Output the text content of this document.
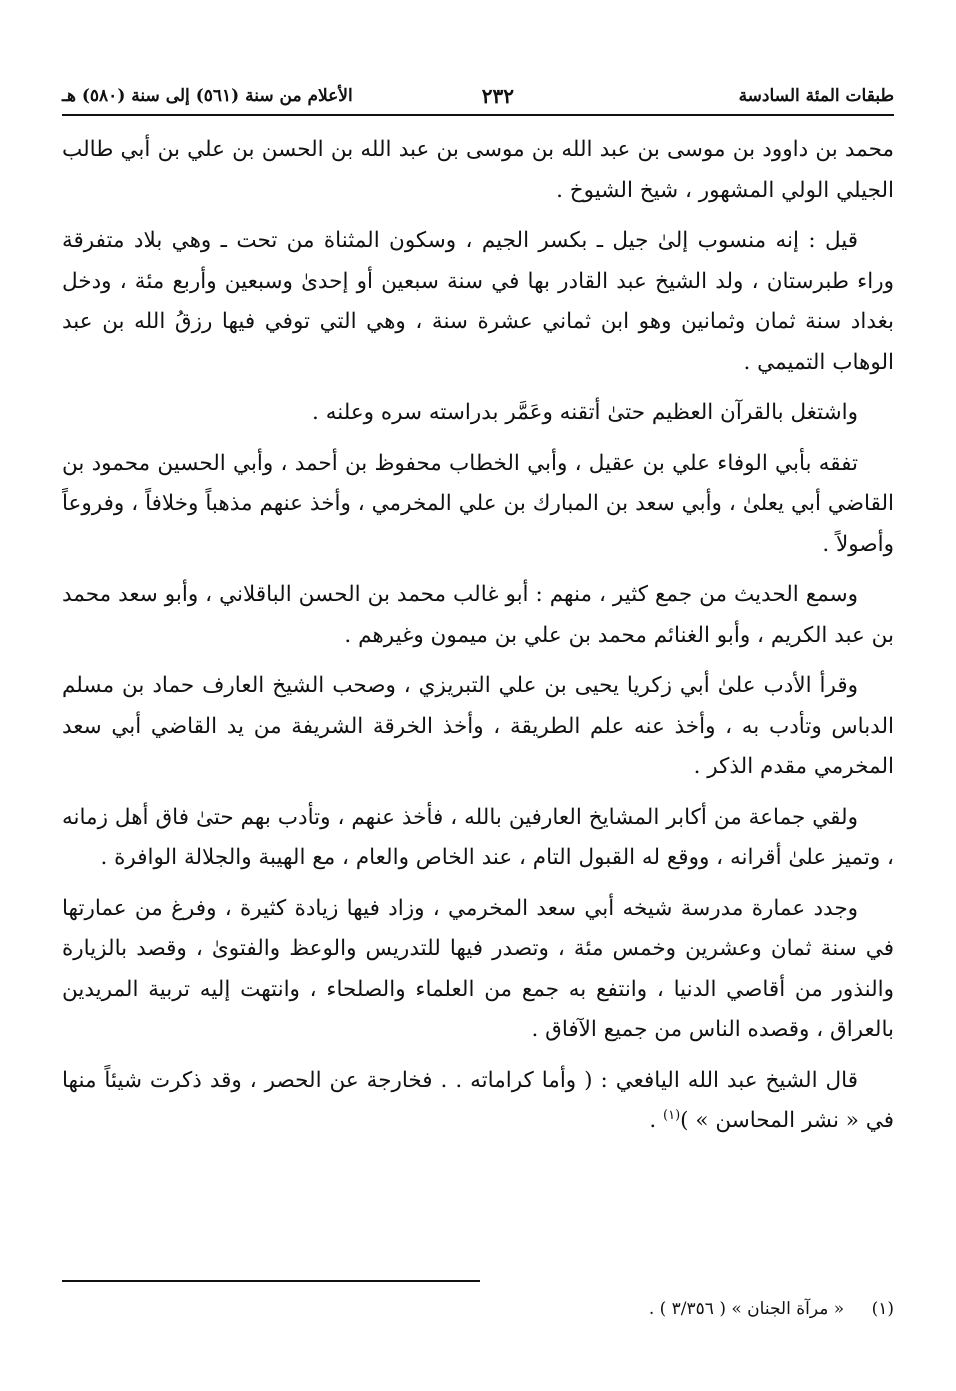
طبقات المئة السادسة
٢٣٢
الأعلام من سنة (٥٦١) إلى سنة (٥٨٠) هـ

محمد بن داوود بن موسى بن عبد الله بن موسى بن عبد الله بن الحسن بن علي بن أبي طالب الجيلي الولي المشهور ، شيخ الشيوخ .

قيل : إنه منسوب إلىٰ جيل ـ بكسر الجيم ، وسكون المثناة من تحت ـ وهي بلاد متفرقة وراء طبرستان ، ولد الشيخ عبد القادر بها في سنة سبعين أو إحدىٰ وسبعين وأربع مئة ، ودخل بغداد سنة ثمان وثمانين وهو ابن ثماني عشرة سنة ، وهي التي توفي فيها رزقُ الله بن عبد الوهاب التميمي .

واشتغل بالقرآن العظيم حتىٰ أتقنه وعَمَّر بدراسته سره وعلنه .

تفقه بأبي الوفاء علي بن عقيل ، وأبي الخطاب محفوظ بن أحمد ، وأبي الحسين محمود بن القاضي أبي يعلىٰ ، وأبي سعد بن المبارك بن علي المخرمي ، وأخذ عنهم مذهباً وخلافاً ، وفروعاً وأصولاً .

وسمع الحديث من جمع كثير ، منهم : أبو غالب محمد بن الحسن الباقلاني ، وأبو سعد محمد بن عبد الكريم ، وأبو الغنائم محمد بن علي بن ميمون وغيرهم .

وقرأ الأدب علىٰ أبي زكريا يحيى بن علي التبريزي ، وصحب الشيخ العارف حماد بن مسلم الدباس وتأدب به ، وأخذ عنه علم الطريقة ، وأخذ الخرقة الشريفة من يد القاضي أبي سعد المخرمي مقدم الذكر .

ولقي جماعة من أكابر المشايخ العارفين بالله ، فأخذ عنهم ، وتأدب بهم حتىٰ فاق أهل زمانه ، وتميز علىٰ أقرانه ، ووقع له القبول التام ، عند الخاص والعام ، مع الهيبة والجلالة الوافرة .

وجدد عمارة مدرسة شيخه أبي سعد المخرمي ، وزاد فيها زيادة كثيرة ، وفرغ من عمارتها في سنة ثمان وعشرين وخمس مئة ، وتصدر فيها للتدريس والوعظ والفتوىٰ ، وقصد بالزيارة والنذور من أقاصي الدنيا ، وانتفع به جمع من العلماء والصلحاء ، وانتهت إليه تربية المريدين بالعراق ، وقصده الناس من جميع الآفاق .

قال الشيخ عبد الله اليافعي : ( وأما كراماته . . فخارجة عن الحصر ، وقد ذكرت شيئاً منها في « نشر المحاسن » )$^{(١)}$ .

(١) « مرآة الجنان » ( ٣/٣٥٦ ) .
